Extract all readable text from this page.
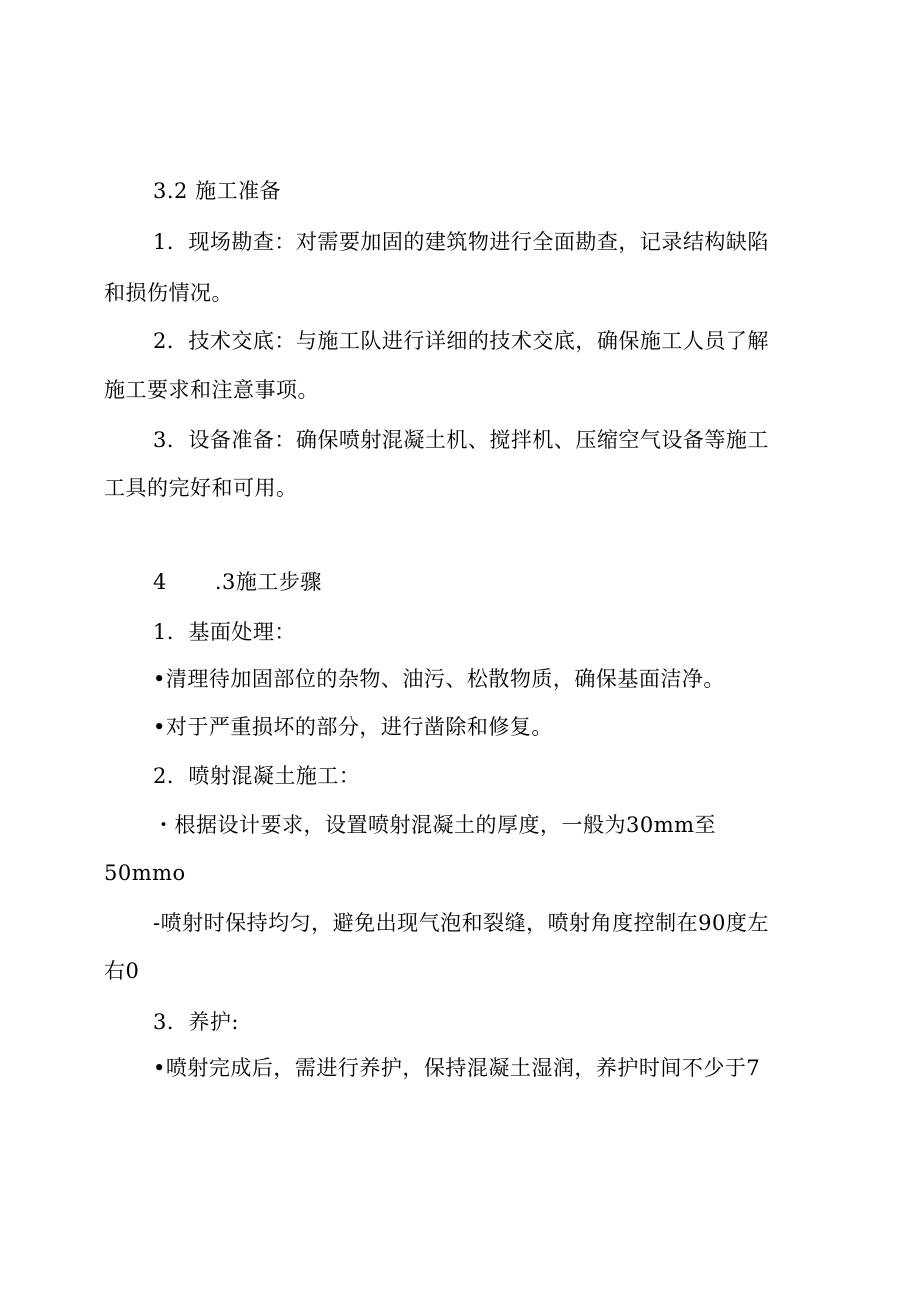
3.2 施工准备
1．现场勘查：对需要加固的建筑物进行全面勘查，记录结构缺陷
和损伤情况。
2．技术交底：与施工队进行详细的技术交底，确保施工人员了解
施工要求和注意事项。
3．设备准备：确保喷射混凝土机、搅拌机、压缩空气设备等施工
工具的完好和可用。
4 .3施工步骤
1．基面处理：
•清理待加固部位的杂物、油污、松散物质，确保基面洁净。
•对于严重损坏的部分，进行凿除和修复。
2．喷射混凝土施工：
・根据设计要求，设置喷射混凝土的厚度，一般为30mm至
50mmo
-喷射时保持均匀，避免出现气泡和裂缝，喷射角度控制在90度左
右0
3．养护:
•喷射完成后，需进行养护，保持混凝土湿润，养护时间不少于7
